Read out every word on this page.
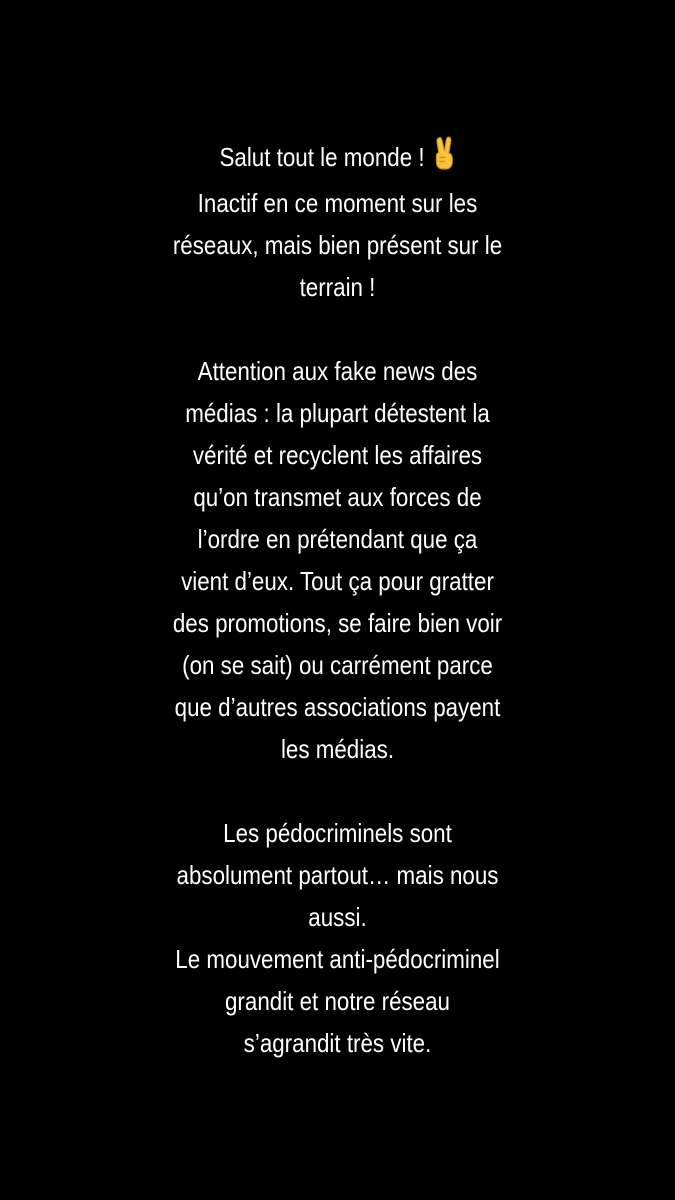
Salut tout le monde !
Inactif en ce moment sur les
réseaux, mais bien présent sur le
terrain !
Attention aux fake news des
médias : la plupart détestent la
vérité et recyclent les affaires
qu’on transmet aux forces de
l’ordre en prétendant que ça
vient d’eux. Tout ça pour gratter
des promotions, se faire bien voir
(on se sait) ou carrément parce
que d’autres associations payent
les médias.
Les pédocriminels sont
absolument partout… mais nous
aussi.
Le mouvement anti-pédocriminel
grandit et notre réseau
s’agrandit très vite.
